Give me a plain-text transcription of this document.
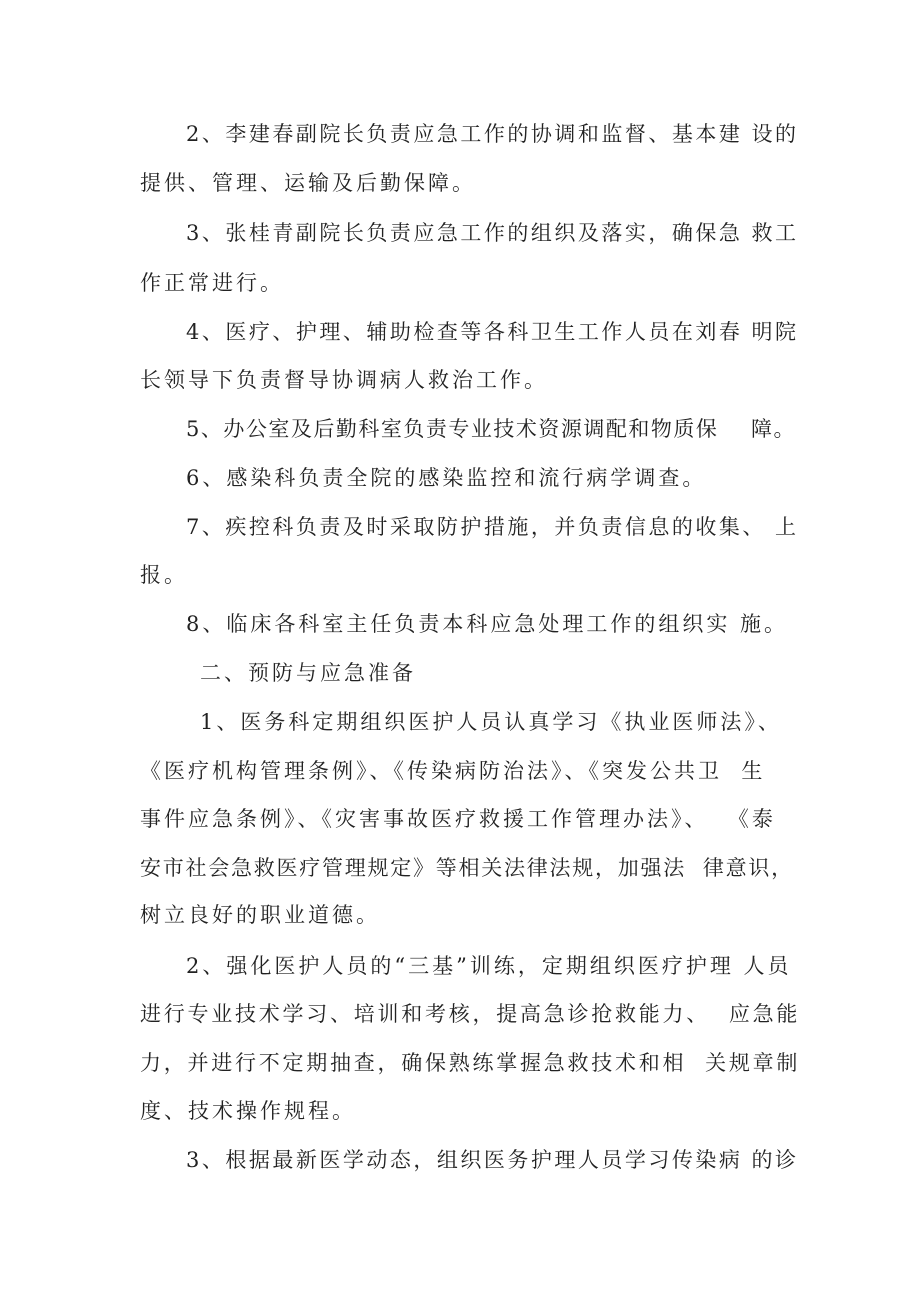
2、李建春副院长负责应急工作的协调和监督、基本建 设的
提供、管理、运输及后勤保障。
3、张桂青副院长负责应急工作的组织及落实，确保急 救工
作正常进行。
4、医疗、护理、辅助检查等各科卫生工作人员在刘春 明院
长领导下负责督导协调病人救治工作。
5、办公室及后勤科室负责专业技术资源调配和物质保    障。
6、感染科负责全院的感染监控和流行病学调查。
7、疾控科负责及时采取防护措施，并负责信息的收集、 上
报。
8、临床各科室主任负责本科应急处理工作的组织实 施。
二、预防与应急准备
1、医务科定期组织医护人员认真学习《执业医师法》、
《医疗机构管理条例》、《传染病防治法》、《突发公共卫  生
事件应急条例》、《灾害事故医疗救援工作管理办法》、  《泰
安市社会急救医疗管理规定》等相关法律法规，加强法  律意识，
树立良好的职业道德。
2、强化医护人员的“三基”训练，定期组织医疗护理 人员
进行专业技术学习、培训和考核，提高急诊抢救能力、  应急能
力，并进行不定期抽查，确保熟练掌握急救技术和相  关规章制
度、技术操作规程。
3、根据最新医学动态，组织医务护理人员学习传染病 的诊
